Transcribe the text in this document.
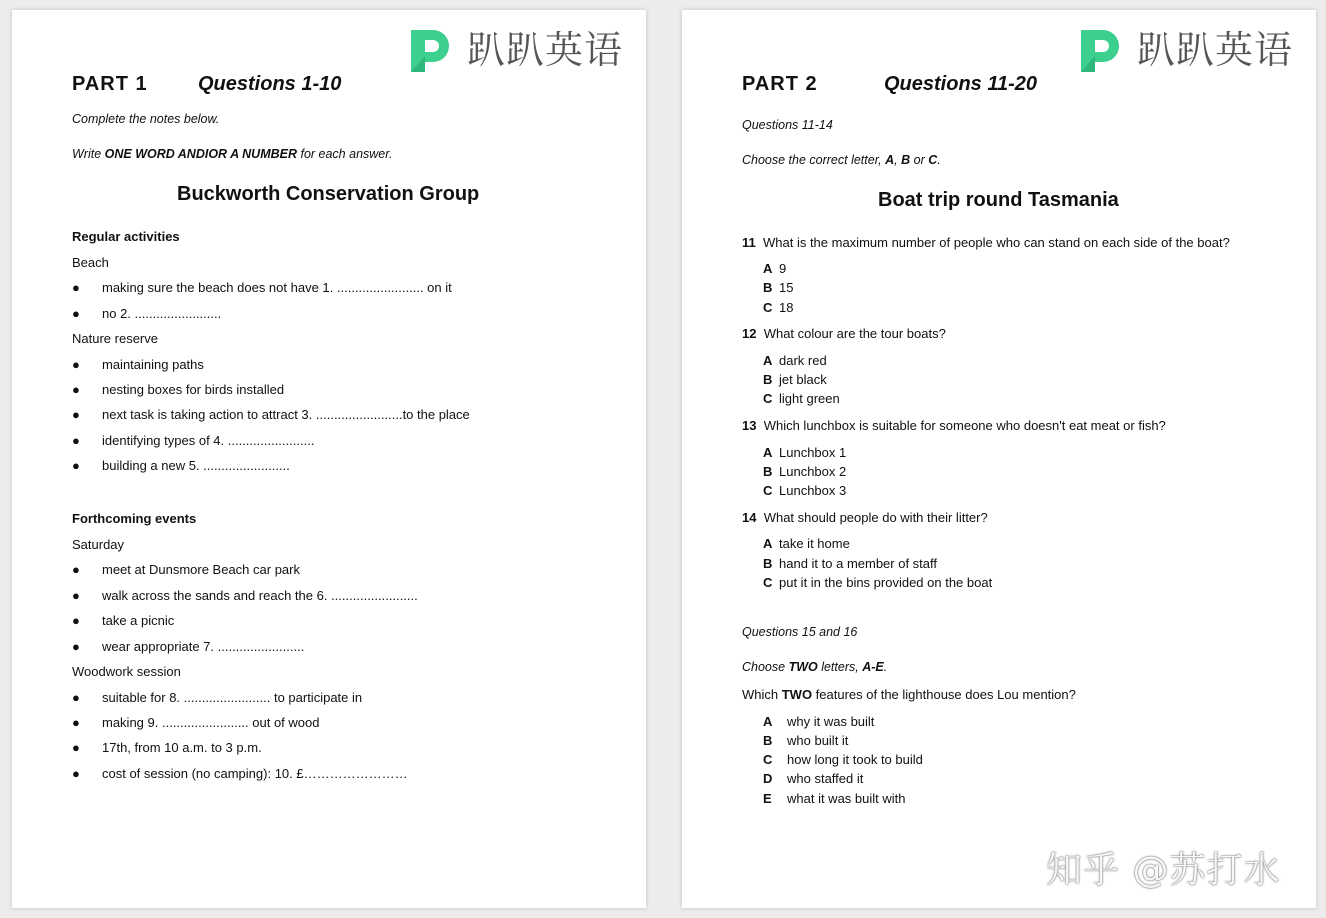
趴趴英语
PART 1	Questions 1-10
Complete the notes below.
Write ONE WORD ANDIOR A NUMBER for each answer.
Buckworth Conservation Group
Regular activities
Beach
● making sure the beach does not have 1. ........................ on it
● no 2. ........................
Nature reserve
● maintaining paths
● nesting boxes for birds installed
● next task is taking action to attract 3. ........................to the place
● identifying types of 4. ........................
● building a new 5. ........................
Forthcoming events
Saturday
● meet at Dunsmore Beach car park
● walk across the sands and reach the 6. ........................
● take a picnic
● wear appropriate 7. ........................
Woodwork session
● suitable for 8. ........................ to participate in
● making 9. ........................ out of wood
● 17th, from 10 a.m. to 3 p.m.
● cost of session (no camping): 10. £……………………
趴趴英语
PART 2	Questions 11-20
Questions 11-14
Choose the correct letter, A, B or C.
Boat trip round Tasmania
11 What is the maximum number of people who can stand on each side of the boat?
A 9
B 15
C 18
12 What colour are the tour boats?
A dark red
B jet black
C light green
13 Which lunchbox is suitable for someone who doesn't eat meat or fish?
A Lunchbox 1
B Lunchbox 2
C Lunchbox 3
14 What should people do with their litter?
A take it home
B hand it to a member of staff
C put it in the bins provided on the boat
Questions 15 and 16
Choose TWO letters, A-E.
Which TWO features of the lighthouse does Lou mention?
A why it was built
B who built it
C how long it took to build
D who staffed it
E what it was built with
知乎 @苏打水
